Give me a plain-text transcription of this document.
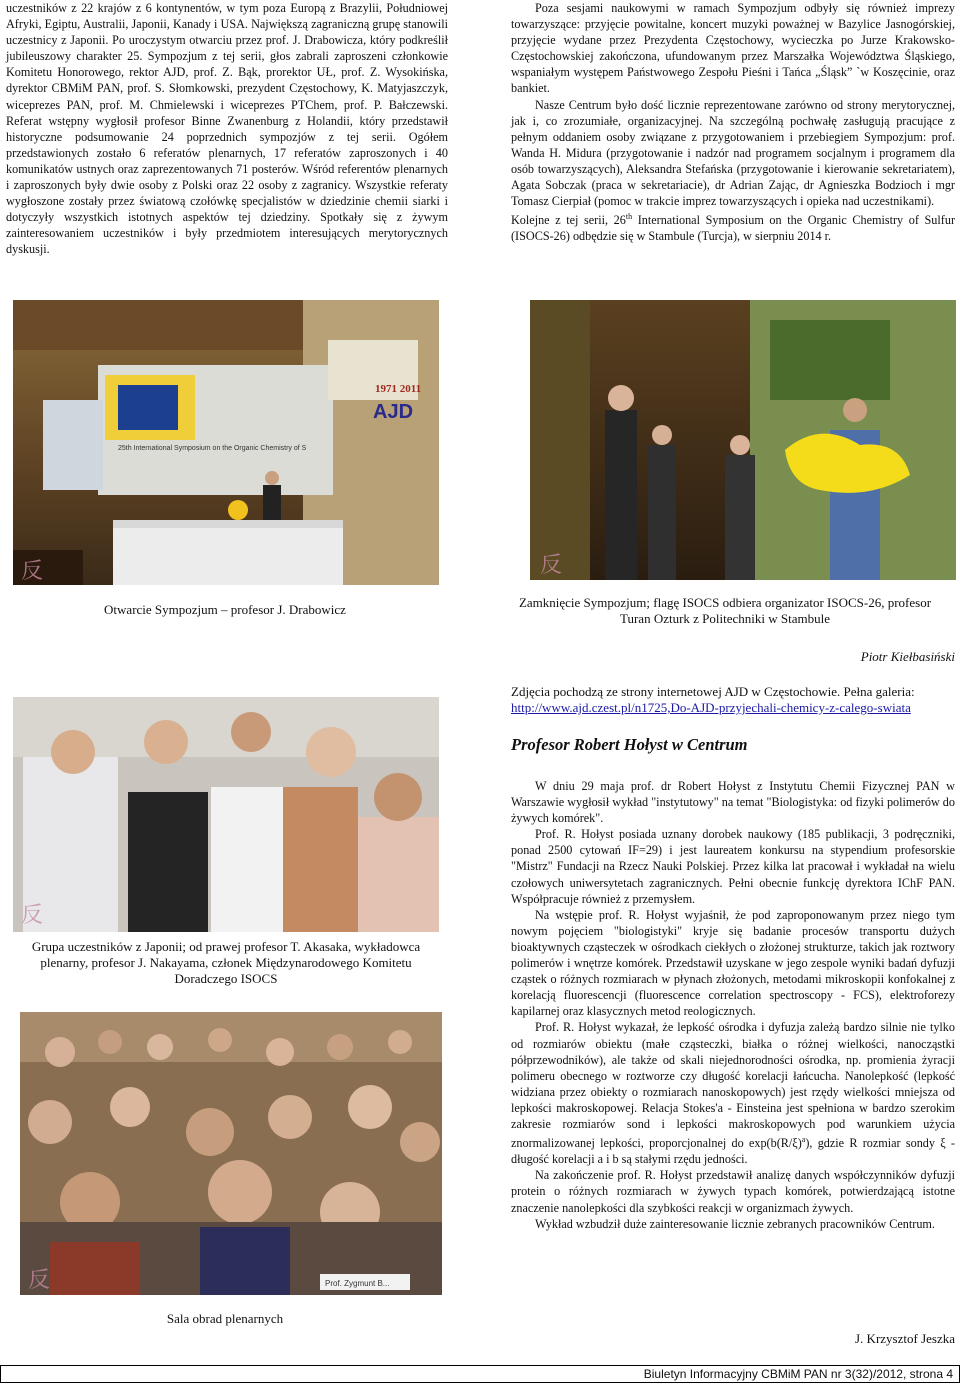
uczestników z 22 krajów z 6 kontynentów, w tym poza Europą z Brazylii, Południowej Afryki, Egiptu, Australii, Japonii, Kanady i USA. Największą zagraniczną grupę stanowili uczestnicy z Japonii. Po uroczystym otwarciu przez prof. J. Drabowicza, który podkreślił jubileuszowy charakter 25. Sympozjum z tej serii, głos zabrali zaproszeni członkowie Komitetu Honorowego, rektor AJD, prof. Z. Bąk, prorektor UŁ, prof. Z. Wysokińska, dyrektor CBMiM PAN, prof. S. Słomkowski, prezydent Częstochowy, K. Matyjaszczyk, wiceprezes PAN, prof. M. Chmielewski i wiceprezes PTChem, prof. P. Bałczewski. Referat wstępny wygłosił profesor Binne Zwanenburg z Holandii, który przedstawił historyczne podsumowanie 24 poprzednich sympozjów z tej serii. Ogółem przedstawionych zostało 6 referatów plenarnych, 17 referatów zaproszonych i 40 komunikatów ustnych oraz zaprezentowanych 71 posterów. Wśród referentów plenarnych i zaproszonych były dwie osoby z Polski oraz 22 osoby z zagranicy. Wszystkie referaty wygłoszone zostały przez światową czołówkę specjalistów w dziedzinie chemii siarki i dotyczyły wszystkich istotnych aspektów tej dziedziny. Spotkały się z żywym zainteresowaniem uczestników i były przedmiotem interesujących merytorycznych dyskusji.

Poza sesjami naukowymi w ramach Sympozjum odbyły się również imprezy towarzyszące: przyjęcie powitalne, koncert muzyki poważnej w Bazylice Jasnogórskiej, przyjęcie wydane przez Prezydenta Częstochowy, wycieczka po Jurze Krakowsko-Częstochowskiej zakończona, ufundowanym przez Marszałka Województwa Śląskiego, wspaniałym występem Państwowego Zespołu Pieśni i Tańca „Śląsk” `w Koszęcinie, oraz bankiet.

Nasze Centrum było dość licznie reprezentowane zarówno od strony merytorycznej, jak i, co zrozumiałe, organizacyjnej. Na szczególną pochwałę zasługują pracujące z pełnym oddaniem osoby związane z przygotowaniem i przebiegiem Sympozjum: prof. Wanda H. Midura (przygotowanie i nadzór nad programem socjalnym i programem dla osób towarzyszących), Aleksandra Stefańska (przygotowanie i kierowanie sekretariatem), Agata Sobczak (praca w sekretariacie), dr Adrian Zając, dr Agnieszka Bodzioch i mgr Tomasz Cierpiał (pomoc w trakcie imprez towarzyszących i opieka nad uczestnikami).

Kolejne z tej serii, 26th International Symposium on the Organic Chemistry of Sulfur (ISOCS-26) odbędzie się w Stambule (Turcja), w sierpniu 2014 r.

1971 2011
AJD
25th International Symposium on the Organic Chemistry of S
反	反
Otwarcie Sympozjum – profesor J. Drabowicz	Zamknięcie Sympozjum; flagę ISOCS odbiera organizator ISOCS-26, profesor Turan Ozturk z Politechniki w Stambule
Piotr Kiełbasiński
反
Grupa uczestników z Japonii; od prawej profesor T. Akasaka, wykładowca plenarny, profesor J. Nakayama, członek Międzynarodowego Komitetu Doradczego ISOCS
Prof. Zygmunt B...
反
Sala obrad plenarnych
Zdjęcia pochodzą ze strony internetowej AJD w Częstochowie. Pełna galeria:
http://www.ajd.czest.pl/n1725,Do-AJD-przyjechali-chemicy-z-calego-swiata
Profesor Robert Hołyst w Centrum

W dniu 29 maja prof. dr Robert Hołyst z Instytutu Chemii Fizycznej PAN w Warszawie wygłosił wykład "instytutowy" na temat "Biologistyka: od fizyki polimerów do żywych komórek".

Prof. R. Hołyst posiada uznany dorobek naukowy (185 publikacji, 3 podręczniki, ponad 2500 cytowań IF=29) i jest laureatem konkursu na stypendium profesorskie "Mistrz" Fundacji na Rzecz Nauki Polskiej. Przez kilka lat pracował i wykładał na wielu czołowych uniwersytetach zagranicznych. Pełni obecnie funkcję dyrektora IChF PAN. Współpracuje również z przemysłem.

Na wstępie prof. R. Hołyst wyjaśnił, że pod zaproponowanym przez niego tym nowym pojęciem "biologistyki" kryje się badanie procesów transportu dużych bioaktywnych cząsteczek w ośrodkach ciekłych o złożonej strukturze, takich jak roztwory polimerów i wnętrze komórek. Przedstawił uzyskane w jego zespole wyniki badań dyfuzji cząstek o różnych rozmiarach w płynach złożonych, metodami mikroskopii konfokalnej z korelacją fluorescencji (fluorescence correlation spectroscopy - FCS), elektroforezy kapilarnej oraz klasycznych metod reologicznych.

Prof. R. Hołyst wykazał, że lepkość ośrodka i dyfuzja zależą bardzo silnie nie tylko od rozmiarów obiektu (małe cząsteczki, białka o różnej wielkości, nanocząstki półprzewodników), ale także od skali niejednorodności ośrodka, np. promienia żyracji polimeru obecnego w roztworze czy długość korelacji łańcucha. Nanolepkość (lepkość widziana przez obiekty o rozmiarach nanoskopowych) jest rzędy wielkości mniejsza od lepkości makroskopowej. Relacja Stokes'a - Einsteina jest spełniona w bardzo szerokim zakresie rozmiarów sond i lepkości makroskopowych pod warunkiem użycia znormalizowanej lepkości, proporcjonalnej do $\exp(b(R/\xi)^a)$, gdzie R rozmiar sondy ξ - długość korelacji a i b są stałymi rzędu jedności.

Na zakończenie prof. R. Hołyst przedstawił analizę danych współczynników dyfuzji protein o różnych rozmiarach w żywych typach komórek, potwierdzającą istotne znaczenie nanolepkości dla szybkości reakcji w organizmach żywych.

Wykład wzbudził duże zainteresowanie licznie zebranych pracowników Centrum.

J. Krzysztof Jeszka
Biuletyn Informacyjny CBMiM PAN nr 3(32)/2012, strona 4
